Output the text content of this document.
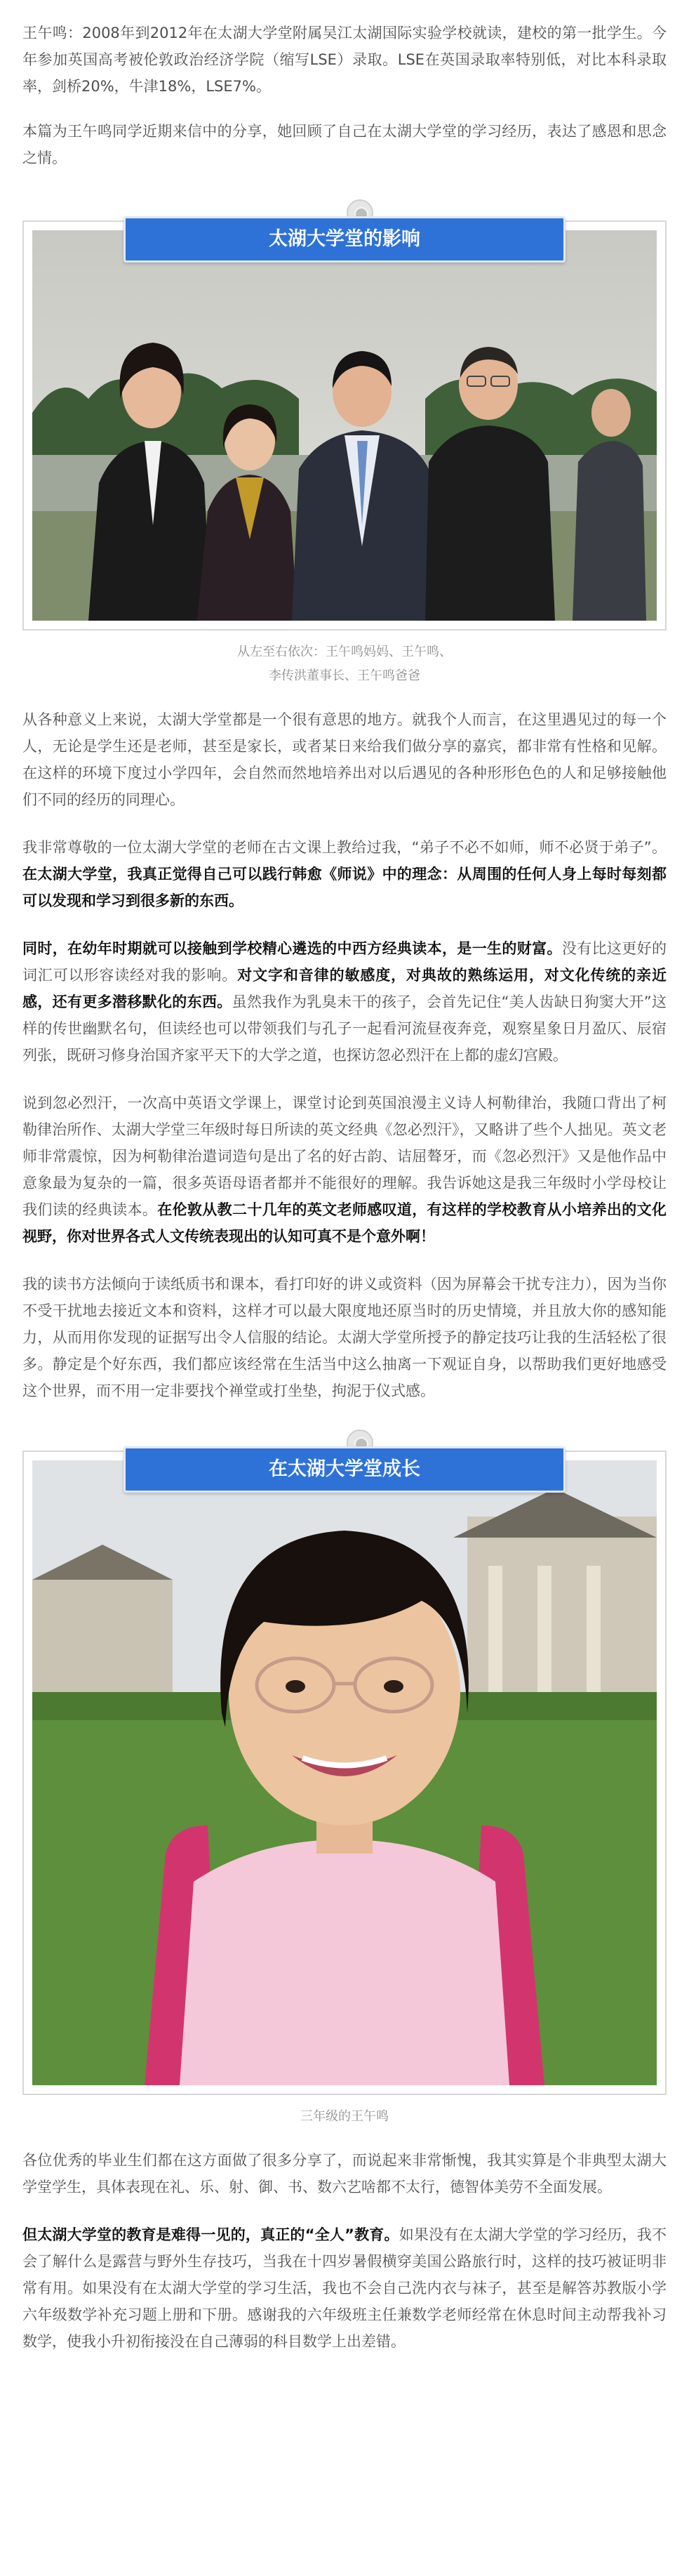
王午鸣：2008年到2012年在太湖大学堂附属吴江太湖国际实验学校就读，建校的第一批学生。今年参加英国高考被伦敦政治经济学院（缩写LSE）录取。LSE在英国录取率特别低，对比本科录取率，剑桥20%，牛津18%，LSE7%。

本篇为王午鸣同学近期来信中的分享，她回顾了自己在太湖大学堂的学习经历，表达了感恩和思念之情。

太湖大学堂的影响
从左至右依次：王午鸣妈妈、王午鸣、
李传洪董事长、王午鸣爸爸

从各种意义上来说，太湖大学堂都是一个很有意思的地方。就我个人而言，在这里遇见过的每一个人，无论是学生还是老师，甚至是家长，或者某日来给我们做分享的嘉宾，都非常有性格和见解。在这样的环境下度过小学四年，会自然而然地培养出对以后遇见的各种形形色色的人和足够接触他们不同的经历的同理心。

我非常尊敬的一位太湖大学堂的老师在古文课上教给过我，“弟子不必不如师，师不必贤于弟子”。在太湖大学堂，我真正觉得自己可以践行韩愈《师说》中的理念：从周围的任何人身上每时每刻都可以发现和学习到很多新的东西。

同时，在幼年时期就可以接触到学校精心遴选的中西方经典读本，是一生的财富。没有比这更好的词汇可以形容读经对我的影响。对文字和音律的敏感度，对典故的熟练运用，对文化传统的亲近感，还有更多潜移默化的东西。虽然我作为乳臭未干的孩子，会首先记住“美人齿缺日狗窦大开”这样的传世幽默名句，但读经也可以带领我们与孔子一起看河流昼夜奔竞，观察星象日月盈仄、辰宿列张，既研习修身治国齐家平天下的大学之道，也探访忽必烈汗在上都的虚幻宫殿。

说到忽必烈汗，一次高中英语文学课上，课堂讨论到英国浪漫主义诗人柯勒律治，我随口背出了柯勒律治所作、太湖大学堂三年级时每日所读的英文经典《忽必烈汗》，又略讲了些个人拙见。英文老师非常震惊，因为柯勒律治遣词造句是出了名的好古韵、诘屈聱牙，而《忽必烈汗》又是他作品中意象最为复杂的一篇，很多英语母语者都并不能很好的理解。我告诉她这是我三年级时小学母校让我们读的经典读本。在伦敦从教二十几年的英文老师感叹道，有这样的学校教育从小培养出的文化视野，你对世界各式人文传统表现出的认知可真不是个意外啊！

我的读书方法倾向于读纸质书和课本，看打印好的讲义或资料（因为屏幕会干扰专注力），因为当你不受干扰地去接近文本和资料，这样才可以最大限度地还原当时的历史情境，并且放大你的感知能力，从而用你发现的证据写出令人信服的结论。太湖大学堂所授予的静定技巧让我的生活轻松了很多。静定是个好东西，我们都应该经常在生活当中这么抽离一下观证自身，以帮助我们更好地感受这个世界，而不用一定非要找个禅堂或打坐垫，拘泥于仪式感。

在太湖大学堂成长
三年级的王午鸣

各位优秀的毕业生们都在这方面做了很多分享了，而说起来非常惭愧，我其实算是个非典型太湖大学堂学生，具体表现在礼、乐、射、御、书、数六艺啥都不太行，德智体美劳不全面发展。

但太湖大学堂的教育是难得一见的，真正的“全人”教育。如果没有在太湖大学堂的学习经历，我不会了解什么是露营与野外生存技巧，当我在十四岁暑假横穿美国公路旅行时，这样的技巧被证明非常有用。如果没有在太湖大学堂的学习生活，我也不会自己洗内衣与袜子，甚至是解答苏教版小学六年级数学补充习题上册和下册。感谢我的六年级班主任兼数学老师经常在休息时间主动帮我补习数学，使我小升初衔接没在自己薄弱的科目数学上出差错。
